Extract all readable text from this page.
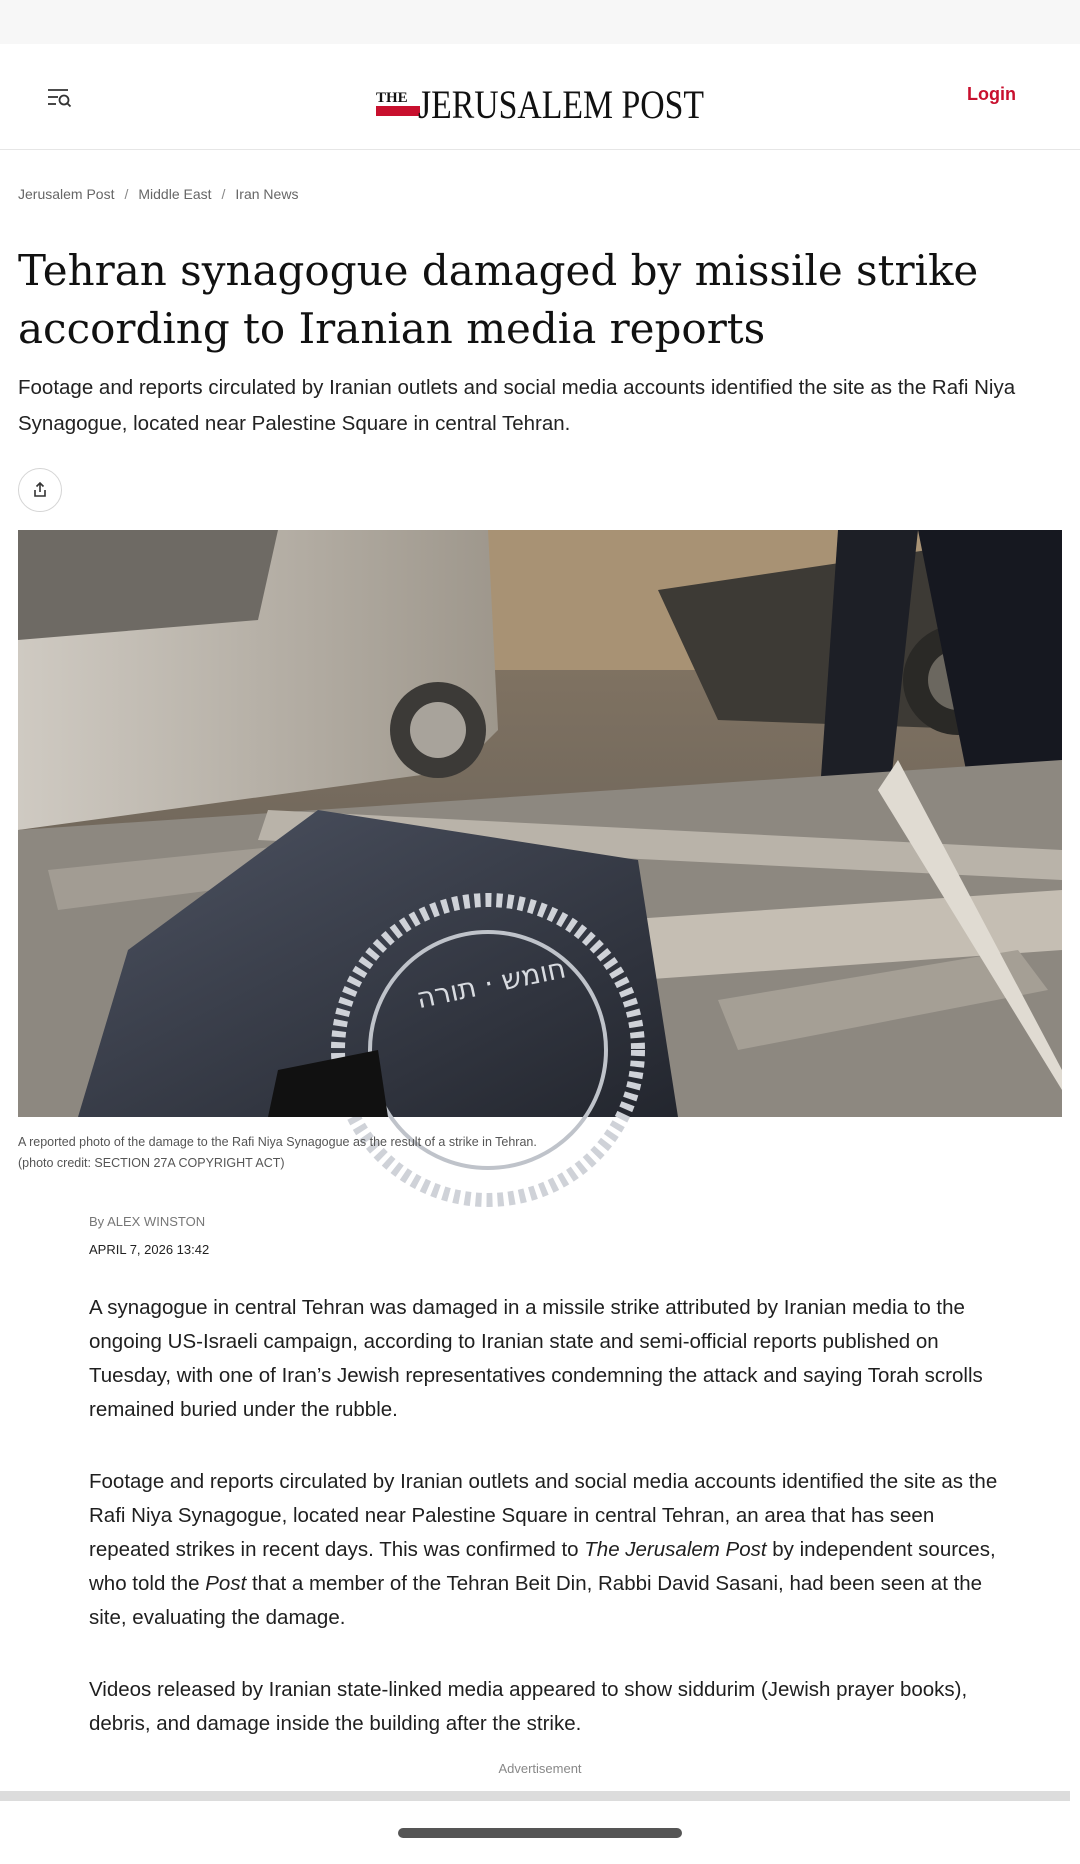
THE JERUSALEM POST	Login
Jerusalem Post / Middle East / Iran News
Tehran synagogue damaged by missile strike
according to Iranian media reports
Footage and reports circulated by Iranian outlets and social media accounts identified the site as the Rafi Niya Synagogue, located near Palestine Square in central Tehran.
חומש · תורה
A reported photo of the damage to the Rafi Niya Synagogue as the result of a strike in Tehran.
(photo credit: SECTION 27A COPYRIGHT ACT)
By ALEX WINSTON
APRIL 7, 2026 13:42

A synagogue in central Tehran was damaged in a missile strike attributed by Iranian media to the ongoing US-Israeli campaign, according to Iranian state and semi-official reports published on Tuesday, with one of Iran’s Jewish representatives condemning the attack and saying Torah scrolls remained buried under the rubble.

Footage and reports circulated by Iranian outlets and social media accounts identified the site as the Rafi Niya Synagogue, located near Palestine Square in central Tehran, an area that has seen repeated strikes in recent days. This was confirmed to The Jerusalem Post by independent sources, who told the Post that a member of the Tehran Beit Din, Rabbi David Sasani, had been seen at the site, evaluating the damage.

Videos released by Iranian state-linked media appeared to show siddurim (Jewish prayer books), debris, and damage inside the building after the strike.

Advertisement
